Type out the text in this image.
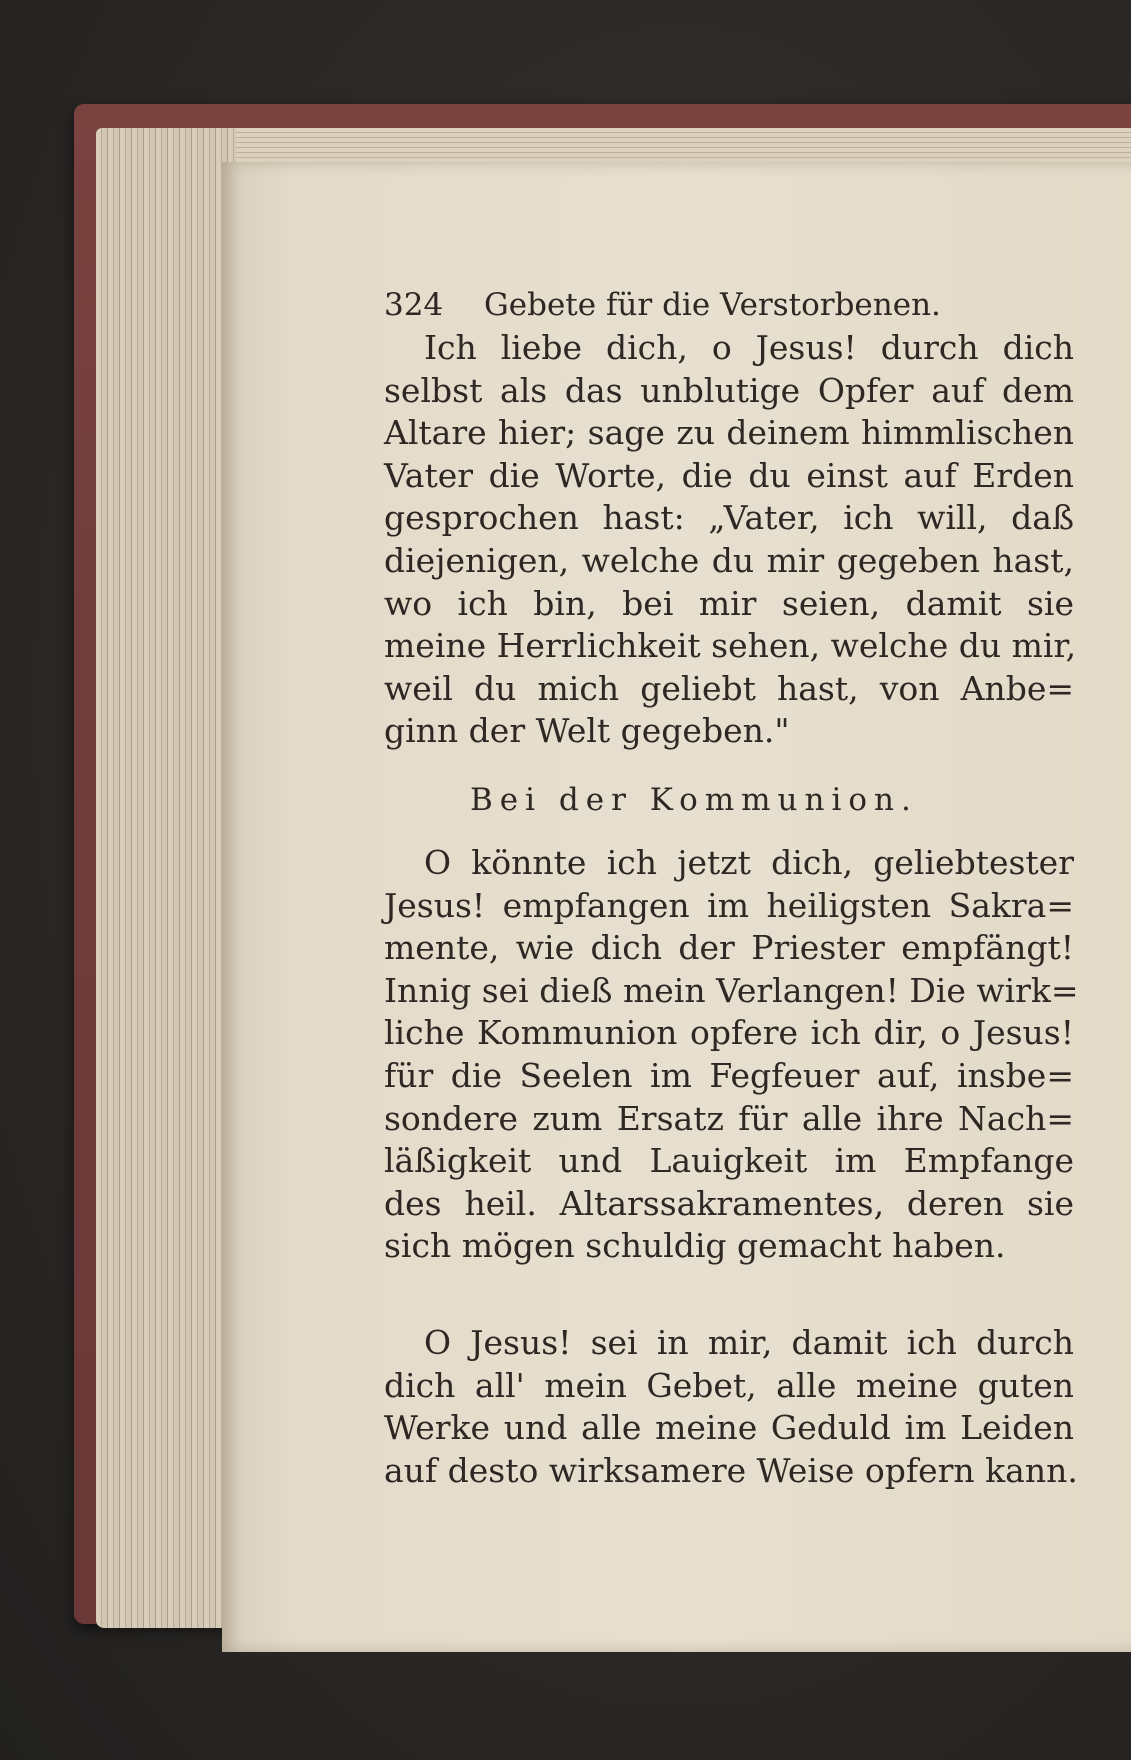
324 Gebete für die Verstorbenen.
Ich liebe dich, o Jesus! durch dich
selbst als das unblutige Opfer auf dem
Altare hier; sage zu deinem himmlischen
Vater die Worte, die du einst auf Erden
gesprochen hast: „Vater, ich will, daß
diejenigen, welche du mir gegeben hast,
wo ich bin, bei mir seien, damit sie
meine Herrlichkeit sehen, welche du mir,
weil du mich geliebt hast, von Anbe=
ginn der Welt gegeben."
Bei der Kommunion.
O könnte ich jetzt dich, geliebtester
Jesus! empfangen im heiligsten Sakra=
mente, wie dich der Priester empfängt!
Innig sei dieß mein Verlangen! Die wirk=
liche Kommunion opfere ich dir, o Jesus!
für die Seelen im Fegfeuer auf, insbe=
sondere zum Ersatz für alle ihre Nach=
läßigkeit und Lauigkeit im Empfange
des heil. Altarssakramentes, deren sie
sich mögen schuldig gemacht haben.
O Jesus! sei in mir, damit ich durch
dich all' mein Gebet, alle meine guten
Werke und alle meine Geduld im Leiden
auf desto wirksamere Weise opfern kann.
